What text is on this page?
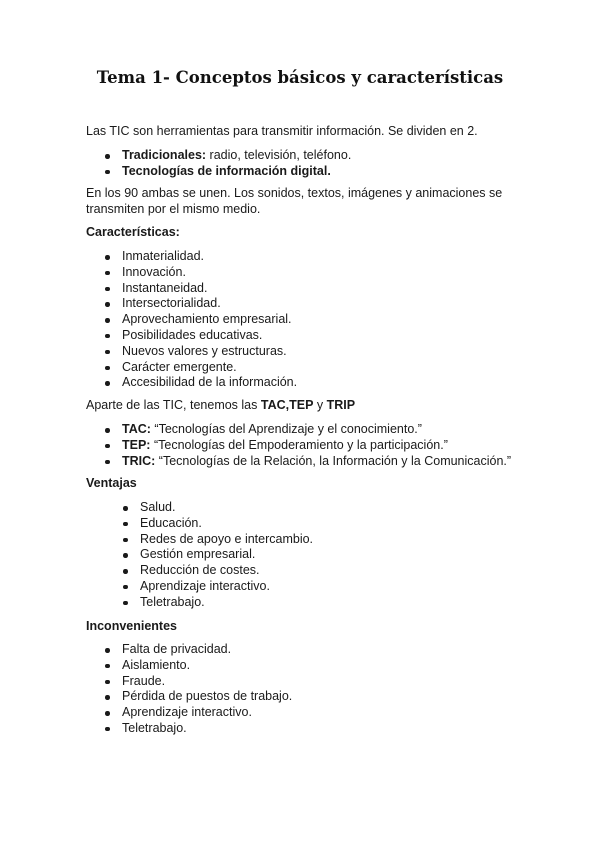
Tema 1- Conceptos básicos y características

Las TIC son herramientas para transmitir información. Se dividen en 2.

Tradicionales: radio, televisión, teléfono.
Tecnologías de información digital.

En los 90 ambas se unen. Los sonidos, textos, imágenes y animaciones se transmiten por el mismo medio.

Características:

Inmaterialidad.
Innovación.
Instantaneidad.
Intersectorialidad.
Aprovechamiento empresarial.
Posibilidades educativas.
Nuevos valores y estructuras.
Carácter emergente.
Accesibilidad de la información.

Aparte de las TIC, tenemos las TAC,TEP y TRIP

TAC: “Tecnologías del Aprendizaje y el conocimiento.”
TEP: “Tecnologías del Empoderamiento y la participación.”
TRIC: “Tecnologías de la Relación, la Información y la Comunicación.”

Ventajas

Salud.
Educación.
Redes de apoyo e intercambio.
Gestión empresarial.
Reducción de costes.
Aprendizaje interactivo.
Teletrabajo.

Inconvenientes

Falta de privacidad.
Aislamiento.
Fraude.
Pérdida de puestos de trabajo.
Aprendizaje interactivo.
Teletrabajo.
